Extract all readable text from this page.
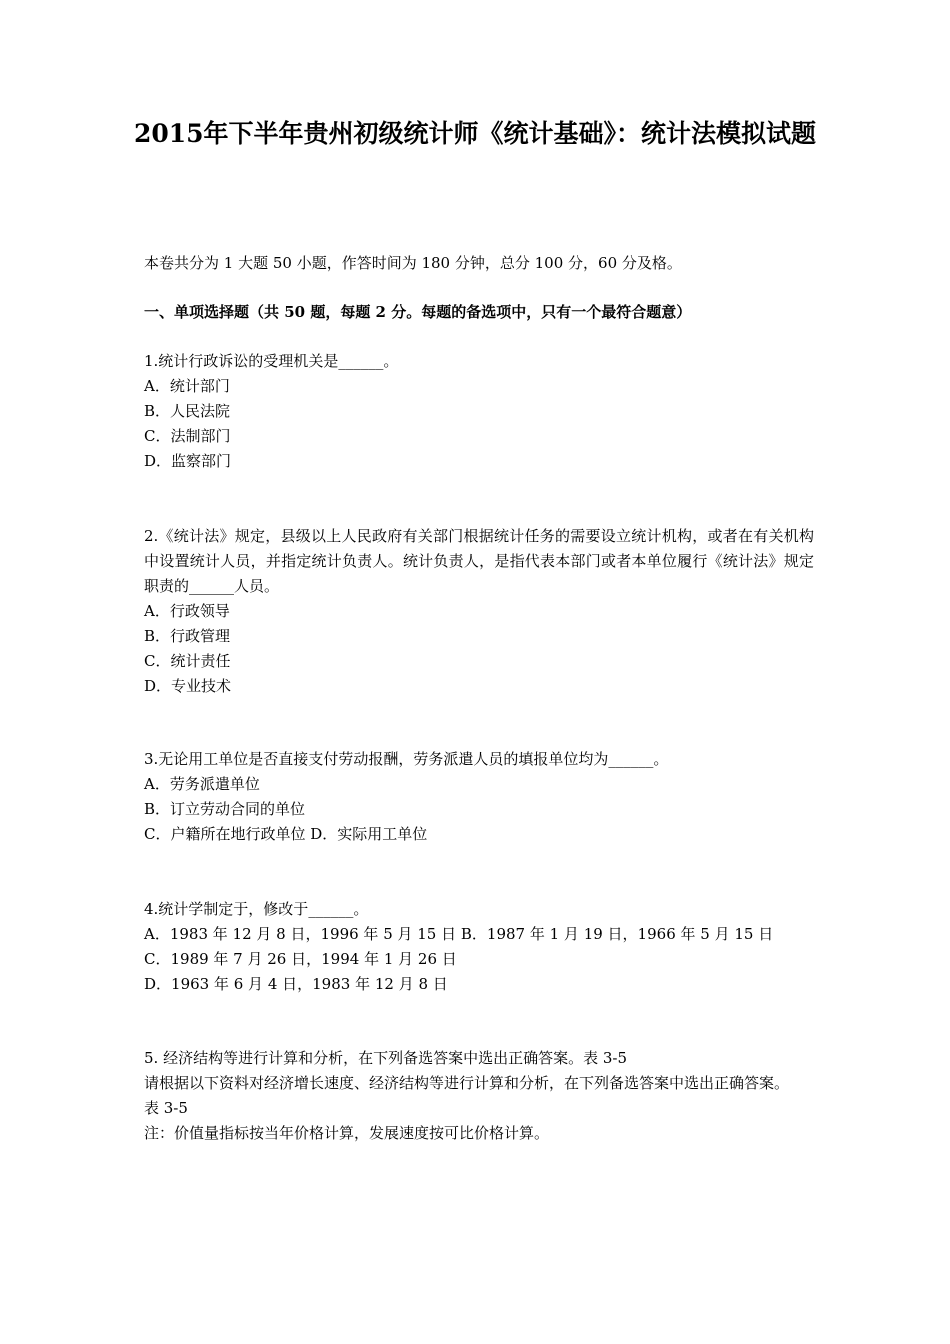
2015年下半年贵州初级统计师《统计基础》：统计法模拟试题
本卷共分为 1 大题 50 小题，作答时间为 180 分钟，总分 100 分，60 分及格。
一、单项选择题（共 50 题，每题 2 分。每题的备选项中，只有一个最符合题意）
1.统计行政诉讼的受理机关是______。
A．统计部门
B．人民法院
C．法制部门
D．监察部门
2.《统计法》规定，县级以上人民政府有关部门根据统计任务的需要设立统计机构，或者在有关机构中设置统计人员，并指定统计负责人。统计负责人，是指代表本部门或者本单位履行《统计法》规定职责的______人员。
A．行政领导
B．行政管理
C．统计责任
D．专业技术
3.无论用工单位是否直接支付劳动报酬，劳务派遣人员的填报单位均为______。
A．劳务派遣单位
B．订立劳动合同的单位
C．户籍所在地行政单位 D．实际用工单位
4.统计学制定于，修改于______。
A．1983 年 12 月 8 日，1996 年 5 月 15 日 B．1987 年 1 月 19 日，1966 年 5 月 15 日
C．1989 年 7 月 26 日，1994 年 1 月 26 日
D．1963 年 6 月 4 日，1983 年 12 月 8 日
5. 经济结构等进行计算和分析，在下列备选答案中选出正确答案。表 3-5
请根据以下资料对经济增长速度、经济结构等进行计算和分析，在下列备选答案中选出正确答案。
表 3-5
注：价值量指标按当年价格计算，发展速度按可比价格计算。
